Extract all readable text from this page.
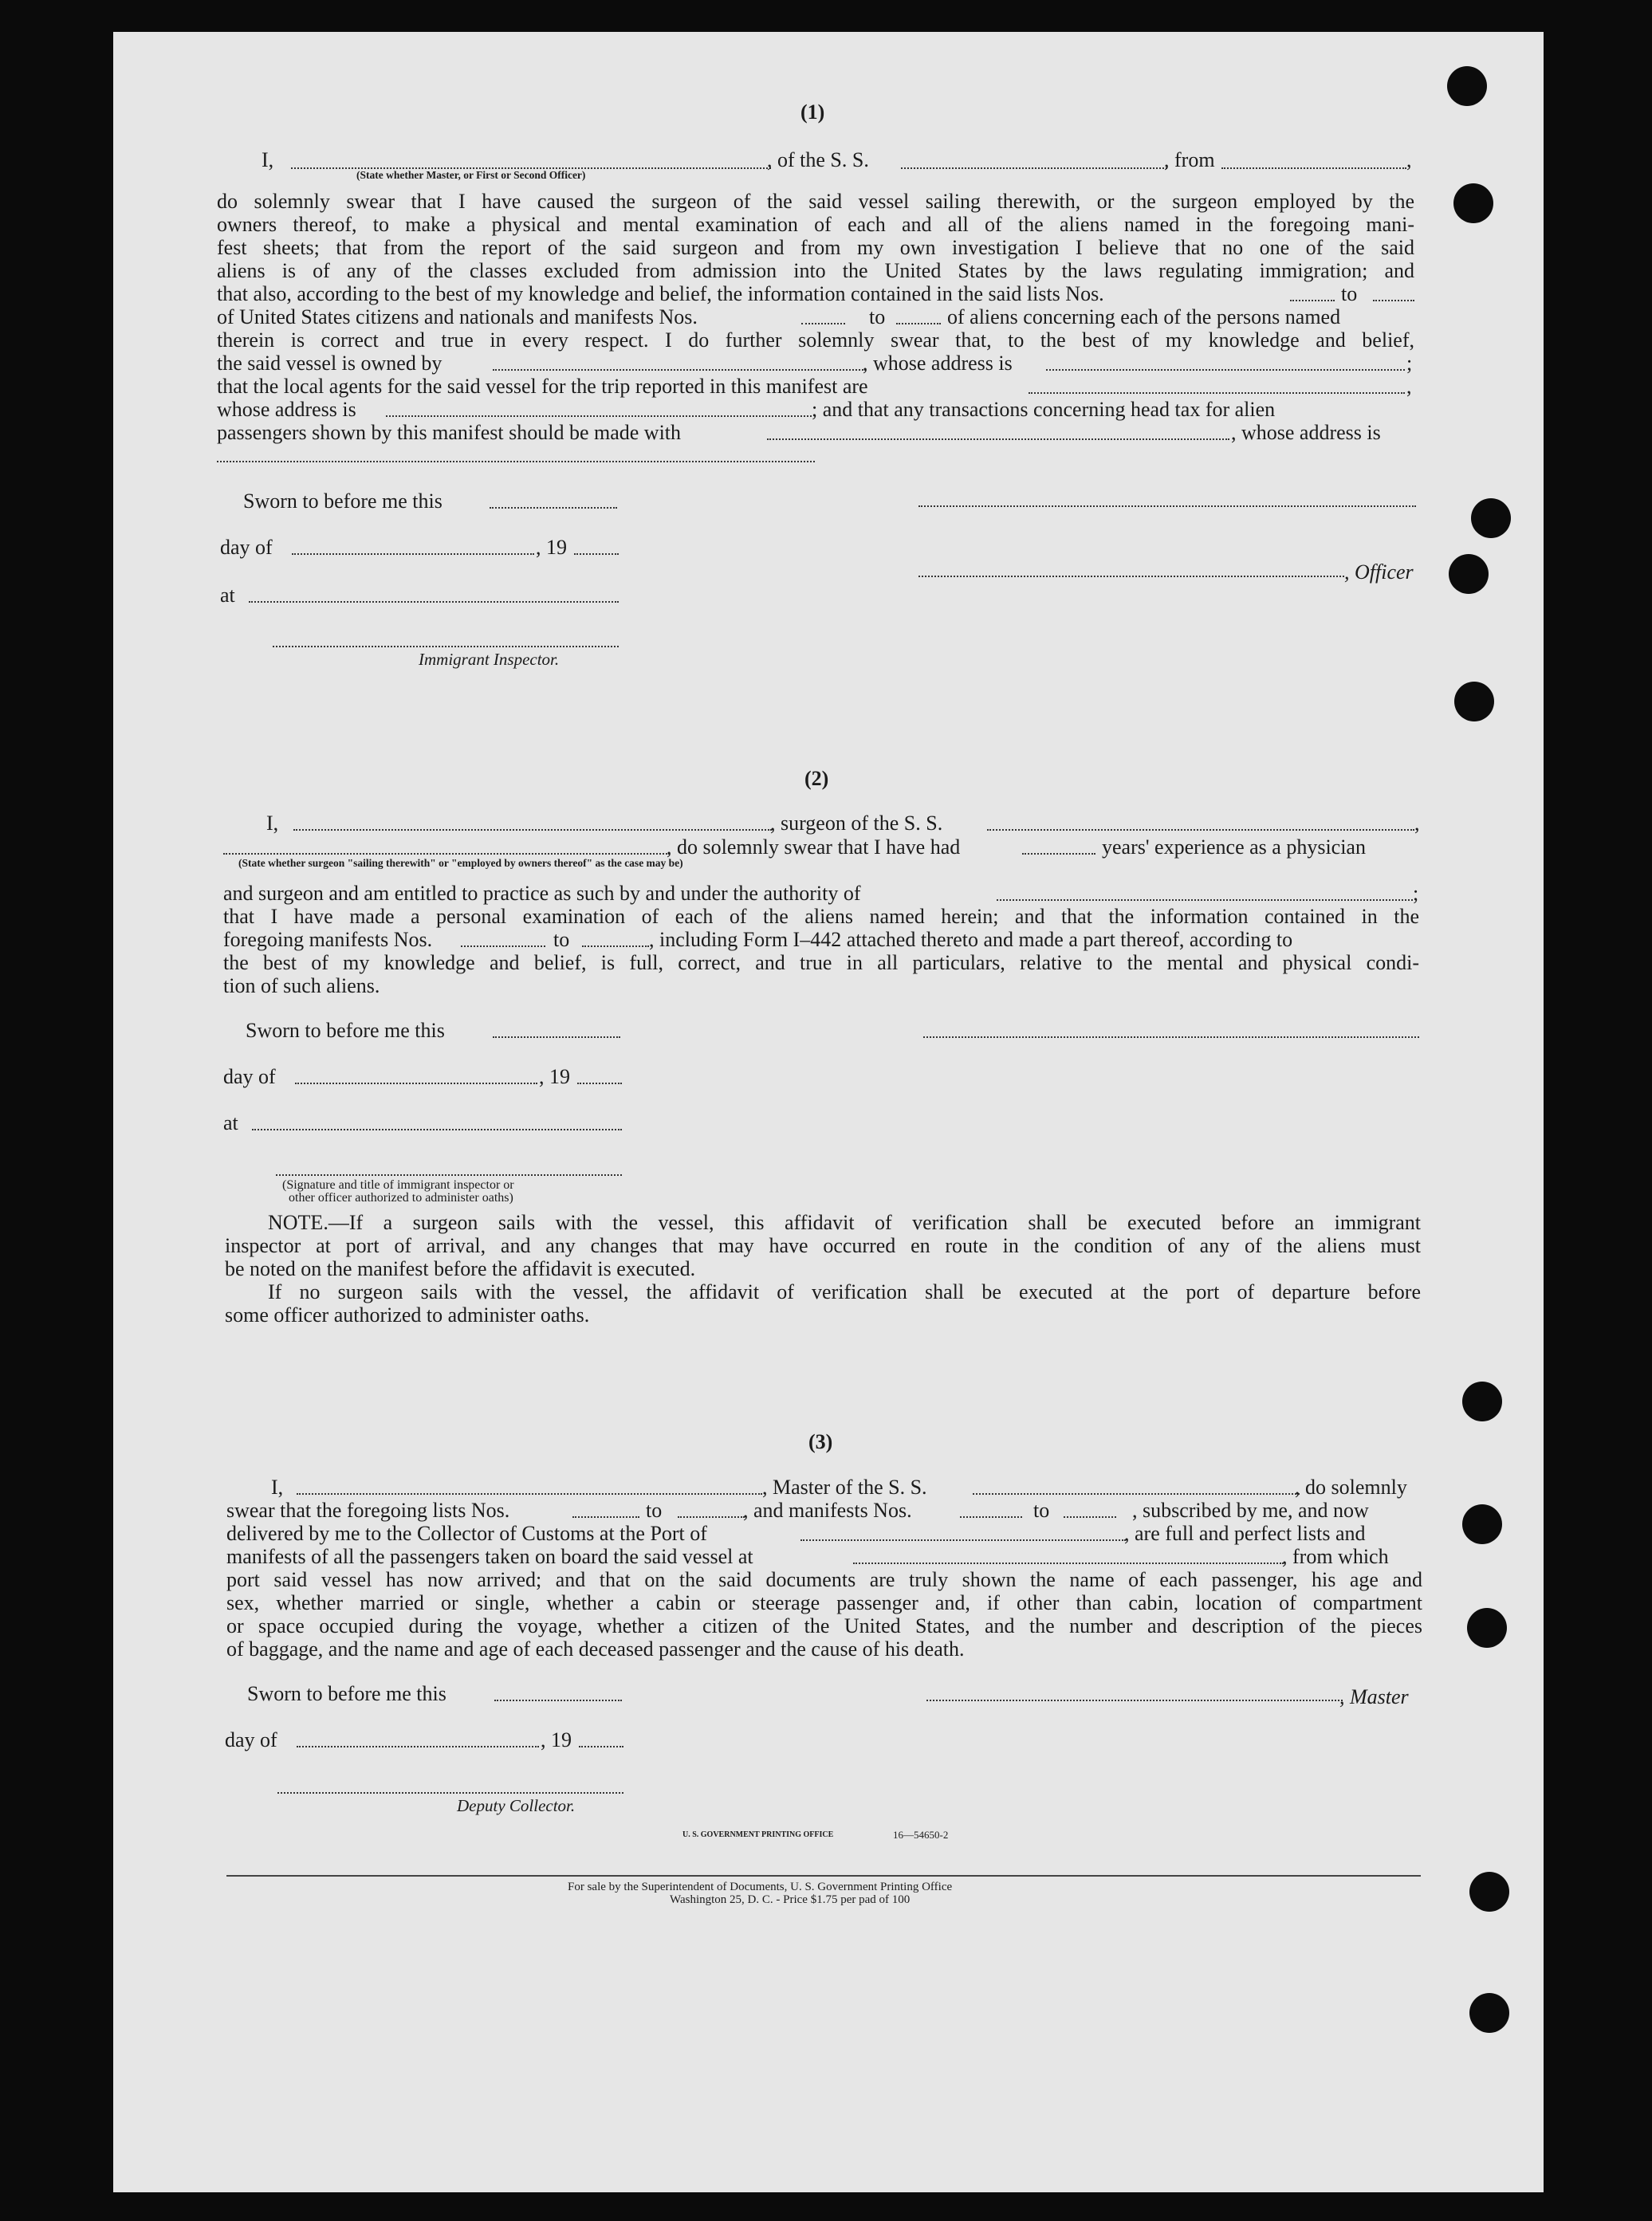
(1)
I,	, of the S. S.	, from	,
(State whether Master, or First or Second Officer)
do solemnly swear that I have caused the surgeon of the said vessel sailing therewith, or the surgeon employed by the
owners thereof, to make a physical and mental examination of each and all of the aliens named in the foregoing mani-
fest sheets; that from the report of the said surgeon and from my own investigation I believe that no one of the said
aliens is of any of the classes excluded from admission into the United States by the laws regulating immigration; and
that also, according to the best of my knowledge and belief, the information contained in the said lists Nos.	to
of United States citizens and nationals and manifests Nos.	to	of aliens concerning each of the persons named
therein is correct and true in every respect. I do further solemnly swear that, to the best of my knowledge and belief,
the said vessel is owned by	, whose address is	;
that the local agents for the said vessel for the trip reported in this manifest are	,
whose address is	; and that any transactions concerning head tax for alien
passengers shown by this manifest should be made with	, whose address is
Sworn to before me this
day of	, 19
, Officer
at
Immigrant Inspector.
(2)
I,	, surgeon of the S. S.	,
, do solemnly swear that I have had	years' experience as a physician
(State whether surgeon "sailing therewith" or "employed by owners thereof" as the case may be)
and surgeon and am entitled to practice as such by and under the authority of	;
that I have made a personal examination of each of the aliens named herein; and that the information contained in the
foregoing manifests Nos.	to	, including Form I–442 attached thereto and made a part thereof, according to
the best of my knowledge and belief, is full, correct, and true in all particulars, relative to the mental and physical condi-
tion of such aliens.
Sworn to before me this
day of	, 19
at
(Signature and title of immigrant inspector or
other officer authorized to administer oaths)
NOTE.—If a surgeon sails with the vessel, this affidavit of verification shall be executed before an immigrant
inspector at port of arrival, and any changes that may have occurred en route in the condition of any of the aliens must
be noted on the manifest before the affidavit is executed.
If no surgeon sails with the vessel, the affidavit of verification shall be executed at the port of departure before
some officer authorized to administer oaths.
(3)
I,	, Master of the S. S.	, do solemnly
swear that the foregoing lists Nos.	to	, and manifests Nos.	to	, subscribed by me, and now
delivered by me to the Collector of Customs at the Port of	, are full and perfect lists and
manifests of all the passengers taken on board the said vessel at	, from which
port said vessel has now arrived; and that on the said documents are truly shown the name of each passenger, his age and
sex, whether married or single, whether a cabin or steerage passenger and, if other than cabin, location of compartment
or space occupied during the voyage, whether a citizen of the United States, and the number and description of the pieces
of baggage, and the name and age of each deceased passenger and the cause of his death.
Sworn to before me this	, Master
day of	, 19
Deputy Collector.
U. S. GOVERNMENT PRINTING OFFICE	16—54650-2
For sale by the Superintendent of Documents, U. S. Government Printing Office
Washington 25, D. C. - Price $1.75 per pad of 100
